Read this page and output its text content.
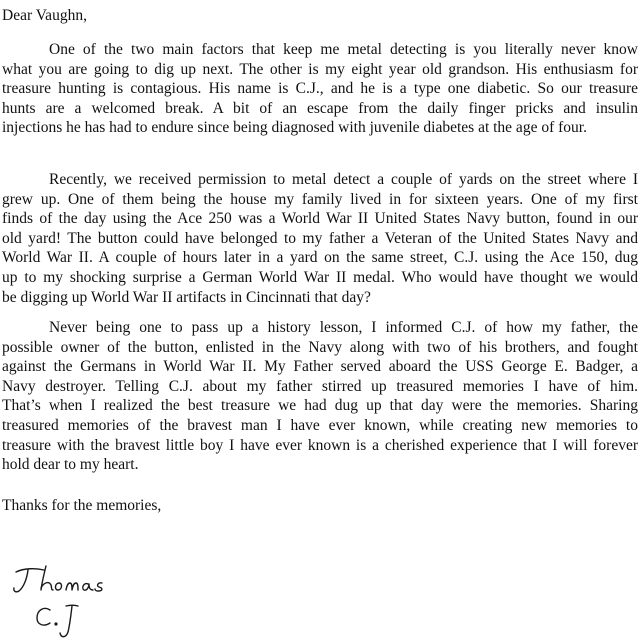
Dear Vaughn,
One of the two main factors that keep me metal detecting is you literally never know
what you are going to dig up next. The other is my eight year old grandson. His enthusiasm for
treasure hunting is contagious. His name is C.J., and he is a type one diabetic. So our treasure
hunts are a welcomed break. A bit of an escape from the daily finger pricks and insulin
injections he has had to endure since being diagnosed with juvenile diabetes at the age of four.
Recently, we received permission to metal detect a couple of yards on the street where I
grew up. One of them being the house my family lived in for sixteen years. One of my first
finds of the day using the Ace 250 was a World War II United States Navy button, found in our
old yard! The button could have belonged to my father a Veteran of the United States Navy and
World War II. A couple of hours later in a yard on the same street, C.J. using the Ace 150, dug
up to my shocking surprise a German World War II medal. Who would have thought we would
be digging up World War II artifacts in Cincinnati that day?
Never being one to pass up a history lesson, I informed C.J. of how my father, the
possible owner of the button, enlisted in the Navy along with two of his brothers, and fought
against the Germans in World War II. My Father served aboard the USS George E. Badger, a
Navy destroyer. Telling C.J. about my father stirred up treasured memories I have of him.
That’s when I realized the best treasure we had dug up that day were the memories. Sharing
treasured memories of the bravest man I have ever known, while creating new memories to
treasure with the bravest little boy I have ever known is a cherished experience that I will forever
hold dear to my heart.
Thanks for the memories,
